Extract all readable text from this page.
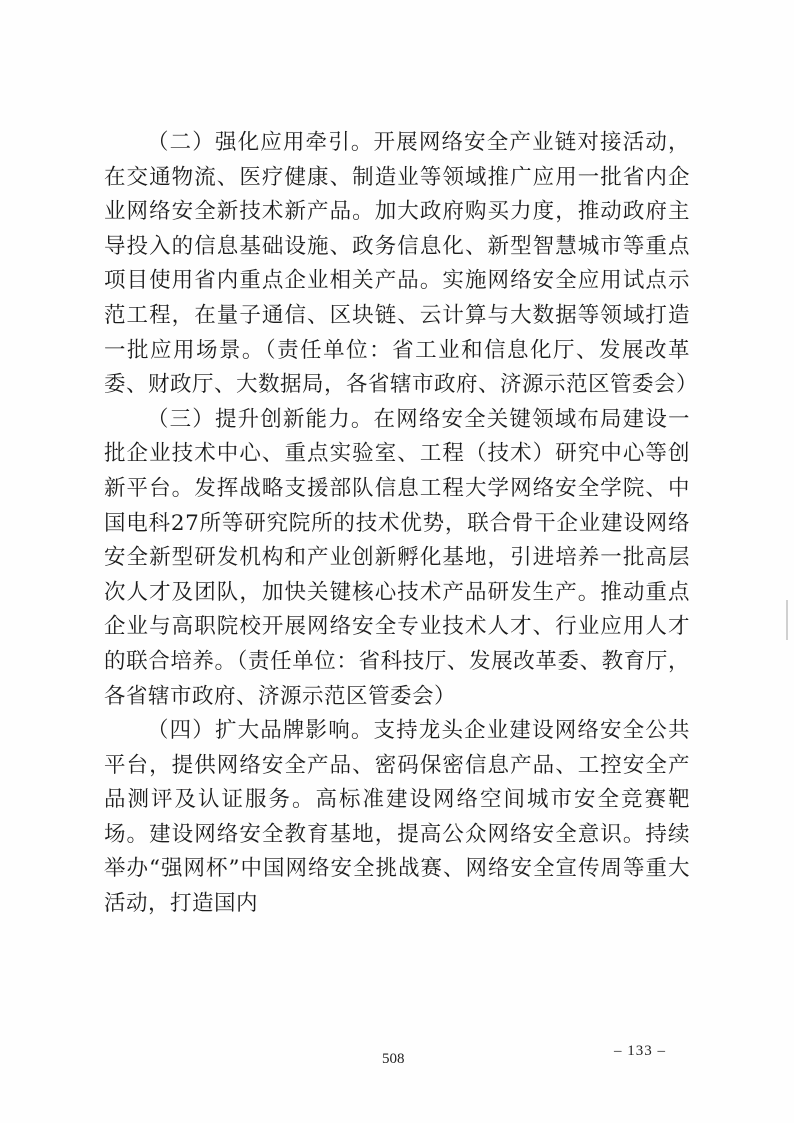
（二）强化应用牵引。开展网络安全产业链对接活动，在交通物流、医疗健康、制造业等领域推广应用一批省内企业网络安全新技术新产品。加大政府购买力度，推动政府主导投入的信息基础设施、政务信息化、新型智慧城市等重点项目使用省内重点企业相关产品。实施网络安全应用试点示范工程，在量子通信、区块链、云计算与大数据等领域打造一批应用场景。（责任单位：省工业和信息化厅、发展改革委、财政厅、大数据局，各省辖市政府、济源示范区管委会）

（三）提升创新能力。在网络安全关键领域布局建设一批企业技术中心、重点实验室、工程（技术）研究中心等创新平台。发挥战略支援部队信息工程大学网络安全学院、中国电科27所等研究院所的技术优势，联合骨干企业建设网络安全新型研发机构和产业创新孵化基地，引进培养一批高层次人才及团队，加快关键核心技术产品研发生产。推动重点企业与高职院校开展网络安全专业技术人才、行业应用人才的联合培养。（责任单位：省科技厅、发展改革委、教育厅，各省辖市政府、济源示范区管委会）

（四）扩大品牌影响。支持龙头企业建设网络安全公共平台，提供网络安全产品、密码保密信息产品、工控安全产品测评及认证服务。高标准建设网络空间城市安全竞赛靶场。建设网络安全教育基地，提高公众网络安全意识。持续举办“强网杯”中国网络安全挑战赛、网络安全宣传周等重大活动，打造国内

– 133 –
508
